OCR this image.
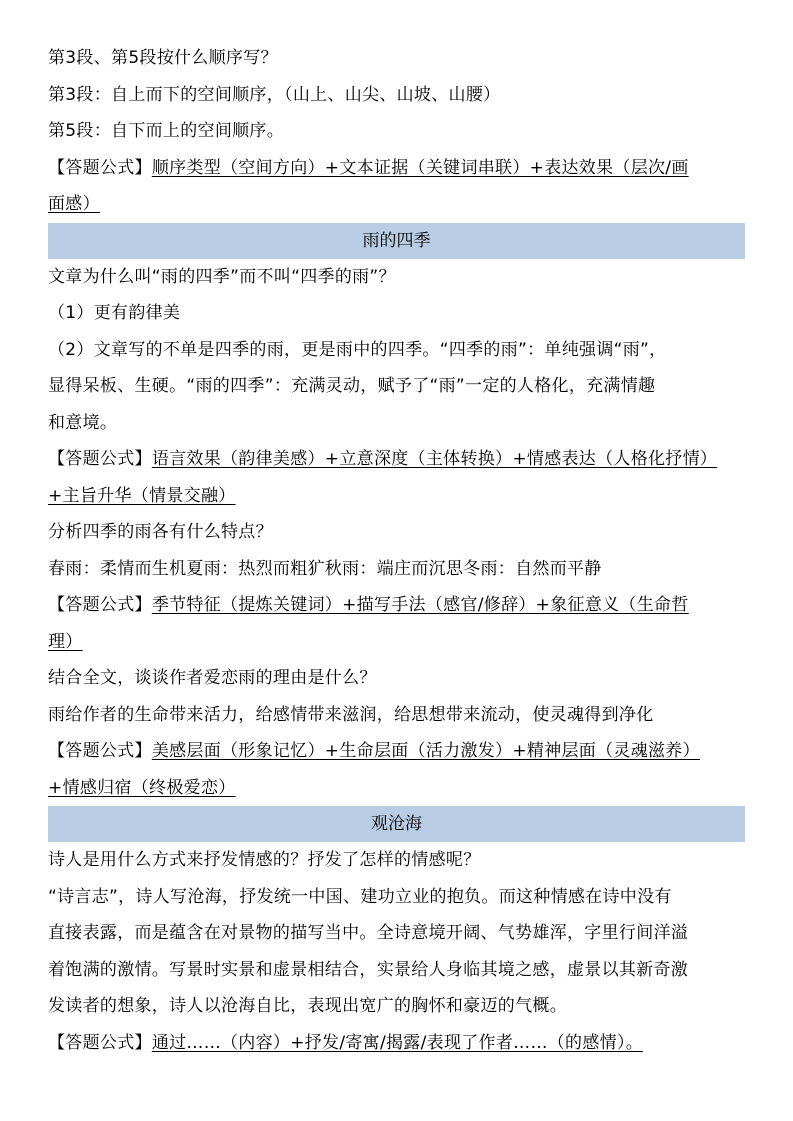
第3段、第5段按什么顺序写？
第3段：自上而下的空间顺序，（山上、山尖、山坡、山腰）
第5段：自下而上的空间顺序。
【答题公式】顺序类型（空间方向）+文本证据（关键词串联）+表达效果（层次/画
面感）
雨的四季
文章为什么叫“雨的四季”而不叫“四季的雨”？
（1）更有韵律美
（2）文章写的不单是四季的雨，更是雨中的四季。“四季的雨”：单纯强调“雨”，
显得呆板、生硬。“雨的四季”：充满灵动，赋予了“雨”一定的人格化，充满情趣
和意境。
【答题公式】语言效果（韵律美感）+立意深度（主体转换）+情感表达（人格化抒情）
+主旨升华（情景交融）
分析四季的雨各有什么特点？
春雨：柔情而生机夏雨：热烈而粗犷秋雨：端庄而沉思冬雨：自然而平静
【答题公式】季节特征（提炼关键词）+描写手法（感官/修辞）+象征意义（生命哲
理）
结合全文，谈谈作者爱恋雨的理由是什么？
雨给作者的生命带来活力，给感情带来滋润，给思想带来流动，使灵魂得到净化
【答题公式】美感层面（形象记忆）+生命层面（活力激发）+精神层面（灵魂滋养）
+情感归宿（终极爱恋）
观沧海
诗人是用什么方式来抒发情感的？抒发了怎样的情感呢？
“诗言志”，诗人写沧海，抒发统一中国、建功立业的抱负。而这种情感在诗中没有
直接表露，而是蕴含在对景物的描写当中。全诗意境开阔、气势雄浑，字里行间洋溢
着饱满的激情。写景时实景和虚景相结合，实景给人身临其境之感，虚景以其新奇激
发读者的想象，诗人以沧海自比，表现出宽广的胸怀和豪迈的气概。
【答题公式】通过……（内容）+抒发/寄寓/揭露/表现了作者……（的感情）。
